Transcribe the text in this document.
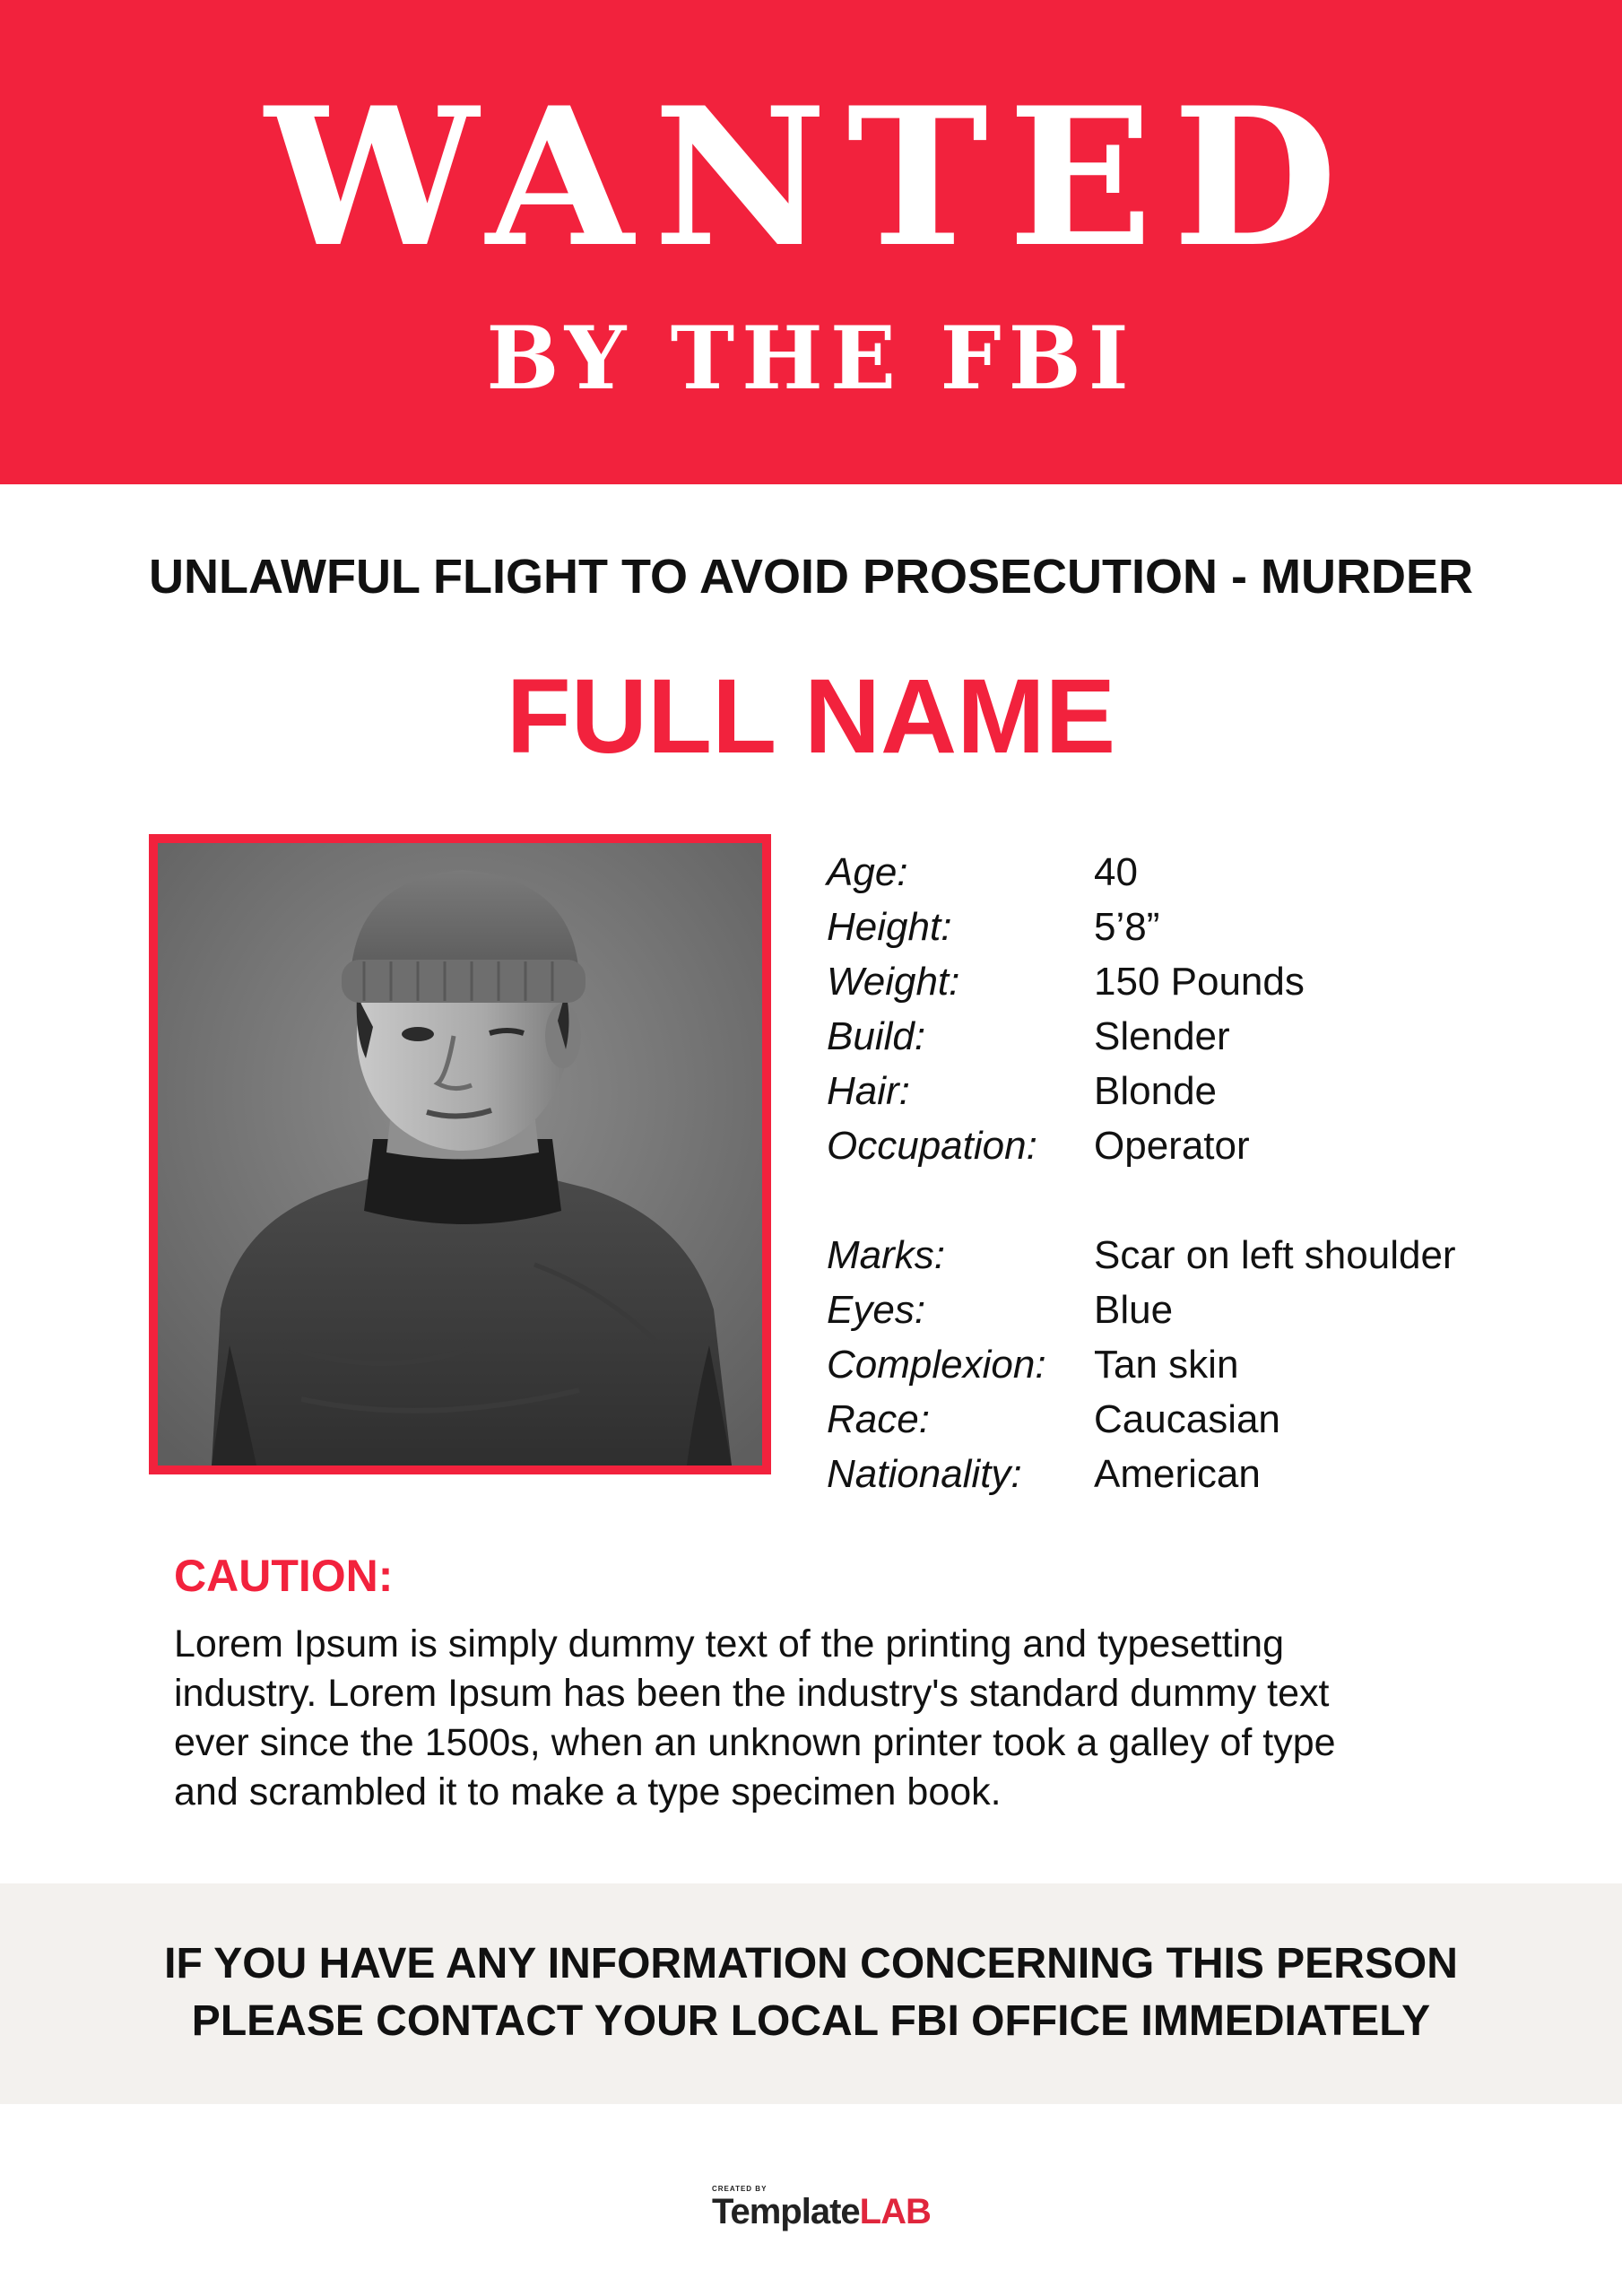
WANTED
BY THE FBI
UNLAWFUL FLIGHT TO AVOID PROSECUTION - MURDER
FULL NAME
Age:	40
Height:	5’8”
Weight:	150 Pounds
Build:	Slender
Hair:	Blonde
Occupation: Operator
Marks:	Scar on left shoulder
Eyes:	Blue
Complexion: Tan skin
Race:	Caucasian
Nationality: American
CAUTION:
Lorem Ipsum is simply dummy text of the printing and typesetting
industry. Lorem Ipsum has been the industry's standard dummy text
ever since the 1500s, when an unknown printer took a galley of type
and scrambled it to make a type specimen book.
IF YOU HAVE ANY INFORMATION CONCERNING THIS PERSON
PLEASE CONTACT YOUR LOCAL FBI OFFICE IMMEDIATELY
CREATED BY
TemplateLAB
